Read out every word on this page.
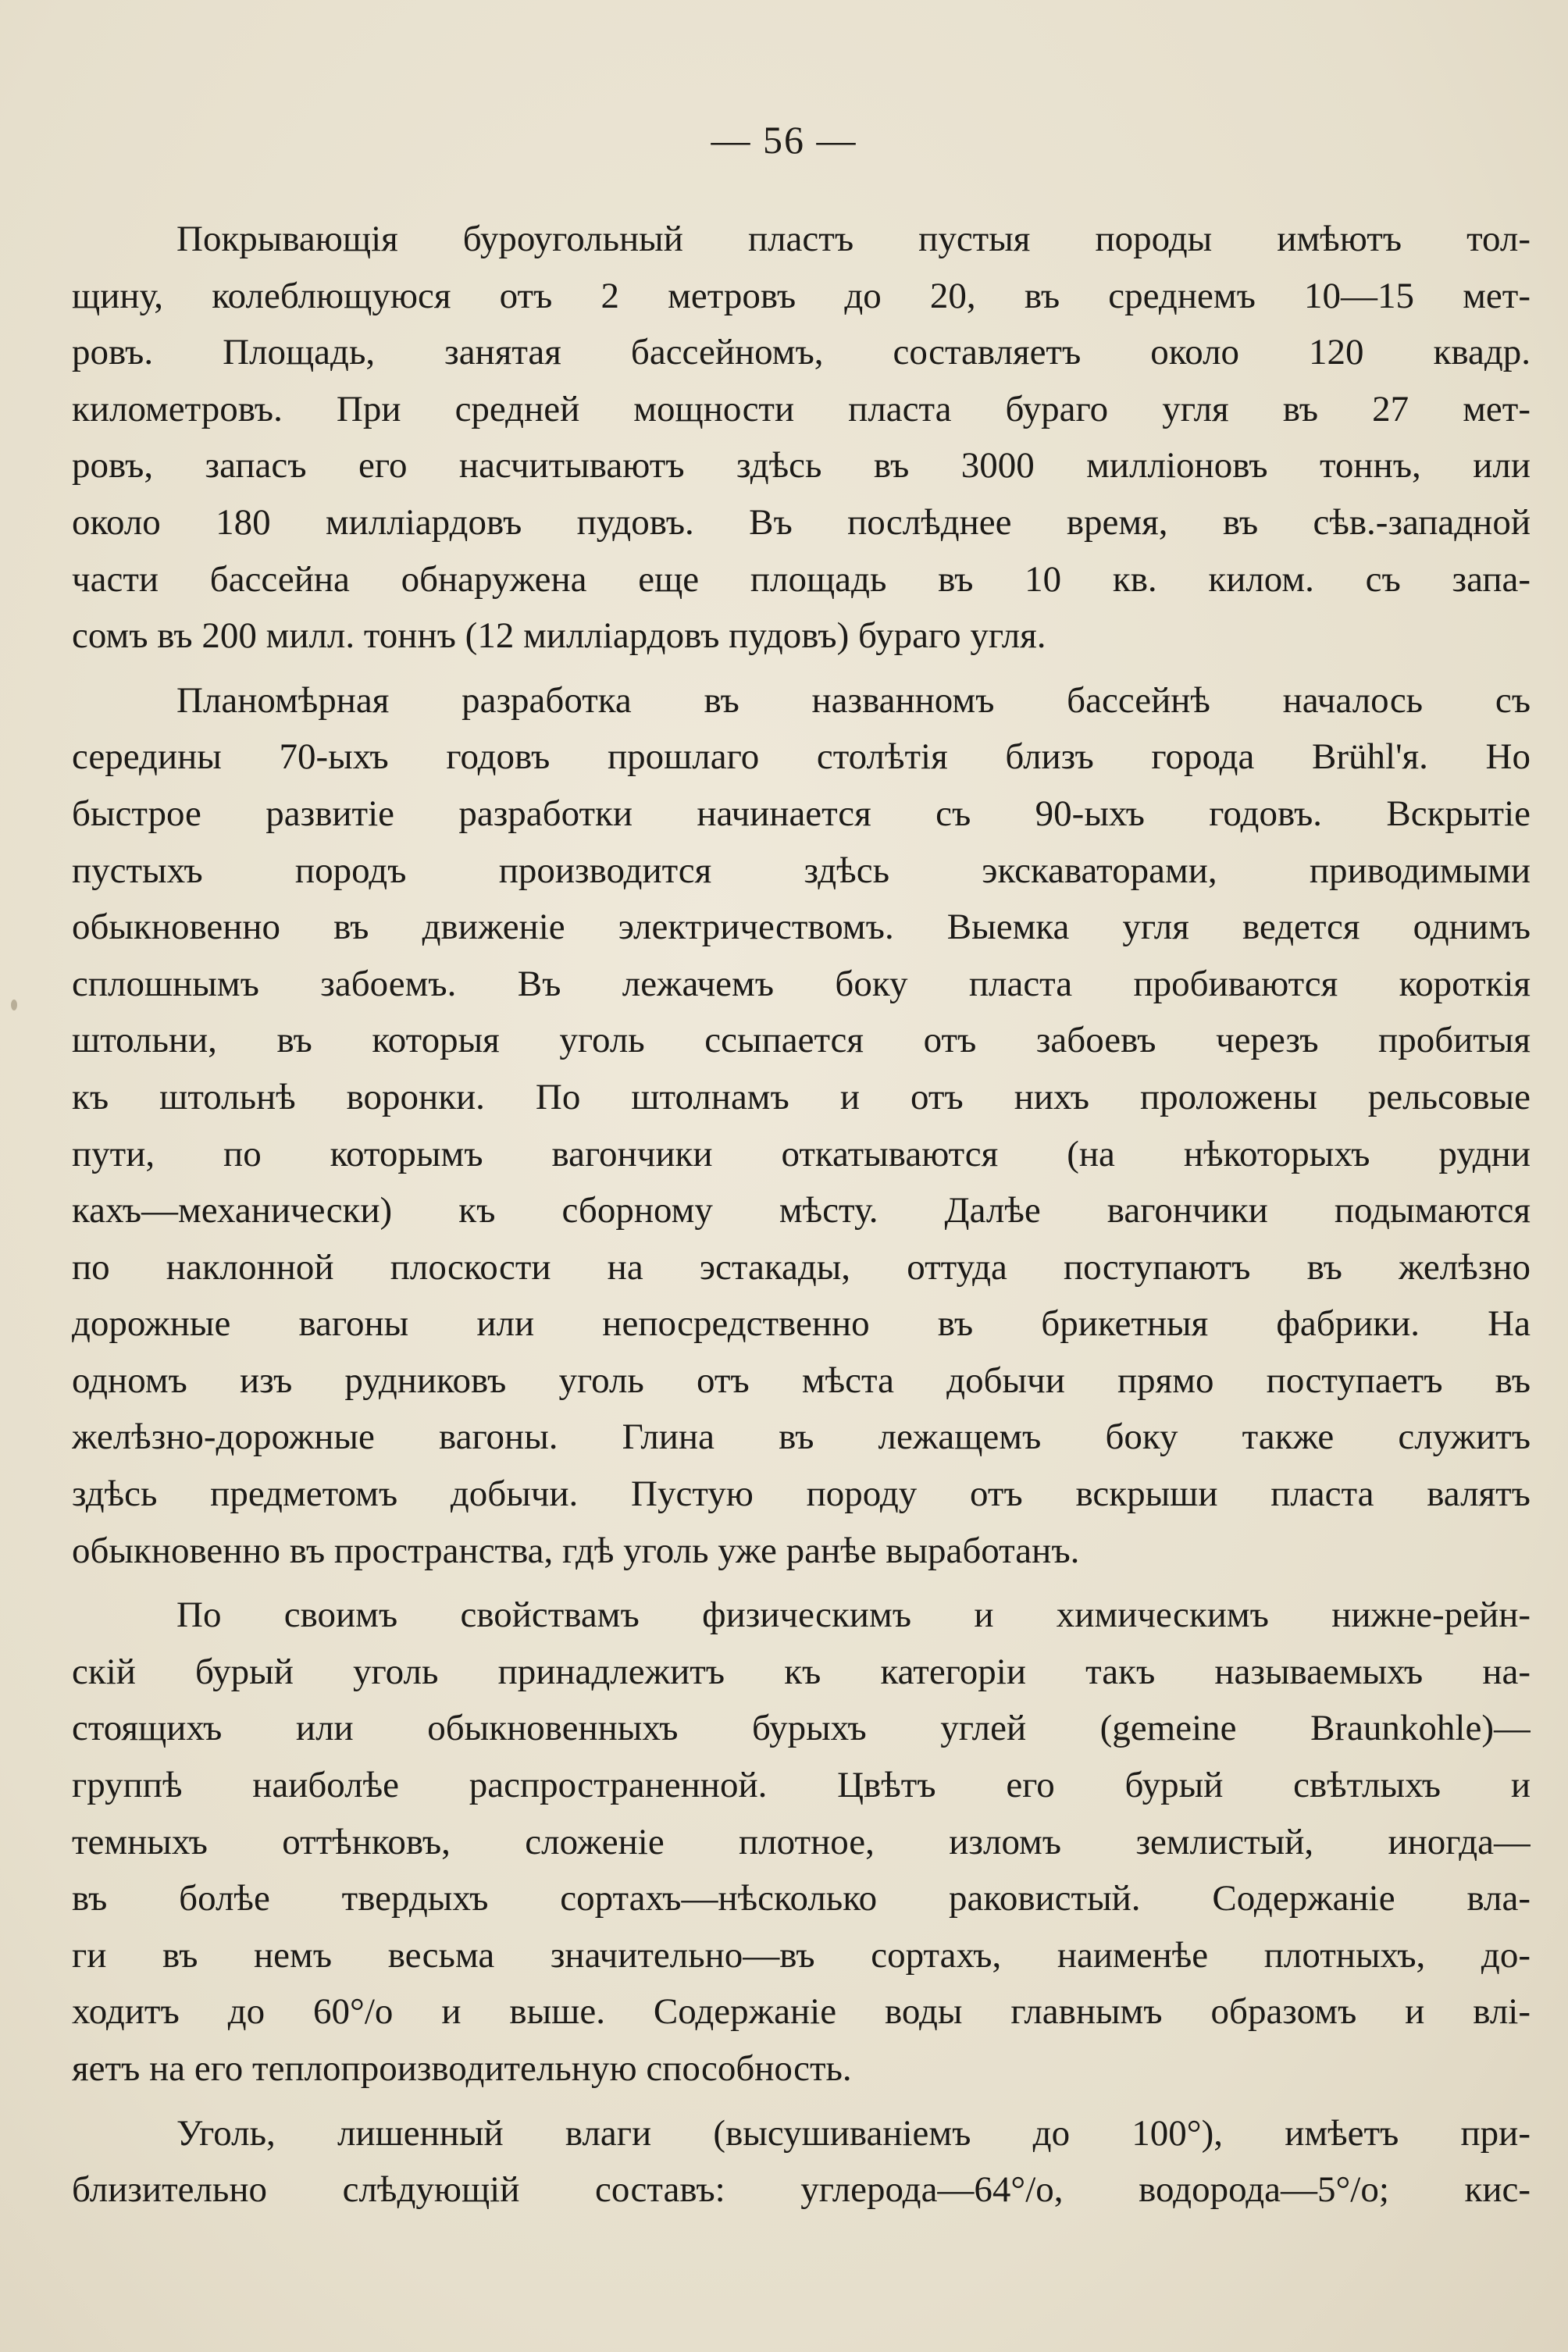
— 56 —
Покрывающія буроугольный пластъ пустыя породы имѣютъ тол-
щину, колеблющуюся отъ 2 метровъ до 20, въ среднемъ 10—15 мет-
ровъ. Площадь, занятая бассейномъ, составляетъ около 120 квадр.
километровъ. При средней мощности пласта бураго угля въ 27 мет-
ровъ, запасъ его насчитываютъ здѣсь въ 3000 милліоновъ тоннъ, или
около 180 милліардовъ пудовъ. Въ послѣднее время, въ сѣв.-западной
части бассейна обнаружена еще площадь въ 10 кв. килом. съ запа-
сомъ въ 200 милл. тоннъ (12 милліардовъ пудовъ) бураго угля.
Планомѣрная разработка въ названномъ бассейнѣ началось съ
середины 70-ыхъ годовъ прошлаго столѣтія близъ города Brühl'я. Но
быстрое развитіе разработки начинается съ 90-ыхъ годовъ. Вскрытіе
пустыхъ породъ производится здѣсь экскаваторами, приводимыми
обыкновенно въ движеніе электричествомъ. Выемка угля ведется однимъ
сплошнымъ забоемъ. Въ лежачемъ боку пласта пробиваются короткія
штольни, въ которыя уголь ссыпается отъ забоевъ черезъ пробитыя
къ штольнѣ воронки. По штолнамъ и отъ нихъ проложены рельсовые
пути, по которымъ вагончики откатываются (на нѣкоторыхъ рудни
кахъ—механически) къ сборному мѣсту. Далѣе вагончики подымаются
по наклонной плоскости на эстакады, оттуда поступаютъ въ желѣзно
дорожные вагоны или непосредственно въ брикетныя фабрики. На
одномъ изъ рудниковъ уголь отъ мѣста добычи прямо поступаетъ въ
желѣзно-дорожные вагоны. Глина въ лежащемъ боку также служитъ
здѣсь предметомъ добычи. Пустую породу отъ вскрыши пласта валятъ
обыкновенно въ пространства, гдѣ уголь уже ранѣе выработанъ.
По своимъ свойствамъ физическимъ и химическимъ нижне-рейн-
скій бурый уголь принадлежитъ къ категоріи такъ называемыхъ на-
стоящихъ или обыкновенныхъ бурыхъ углей (gemeine Braunkohle)—
группѣ наиболѣе распространенной. Цвѣтъ его бурый свѣтлыхъ и
темныхъ оттѣнковъ, сложеніе плотное, изломъ землистый, иногда—
въ болѣе твердыхъ сортахъ—нѣсколько раковистый. Содержаніе вла-
ги въ немъ весьма значительно—въ сортахъ, наименѣе плотныхъ, до-
ходитъ до 60°/o и выше. Содержаніе воды главнымъ образомъ и влі-
яетъ на его теплопроизводительную способность.
Уголь, лишенный влаги (высушиваніемъ до 100°), имѣетъ при-
близительно слѣдующій составъ: углерода—64°/o, водорода—5°/o; кис-
